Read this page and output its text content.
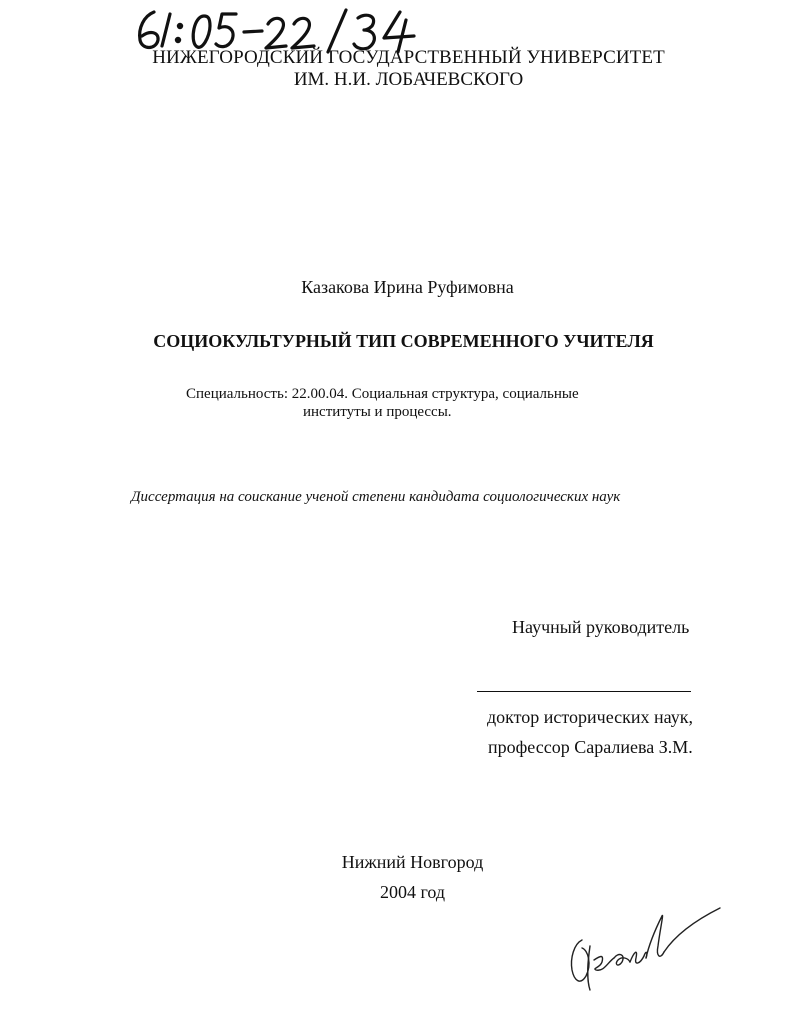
НИЖЕГОРОДСКИЙ ГОСУДАРСТВЕННЫЙ УНИВЕРСИТЕТ
ИМ. Н.И. ЛОБАЧЕВСКОГО
Казакова Ирина Руфимовна
СОЦИОКУЛЬТУРНЫЙ ТИП СОВРЕМЕННОГО УЧИТЕЛЯ
Специальность: 22.00.04. Социальная структура, социальные
институты и процессы.
Диссертация на соискание ученой степени кандидата социологических наук
Научный руководитель
доктор исторических наук,
профессор Саралиева З.М.
Нижний Новгород
2004 год
